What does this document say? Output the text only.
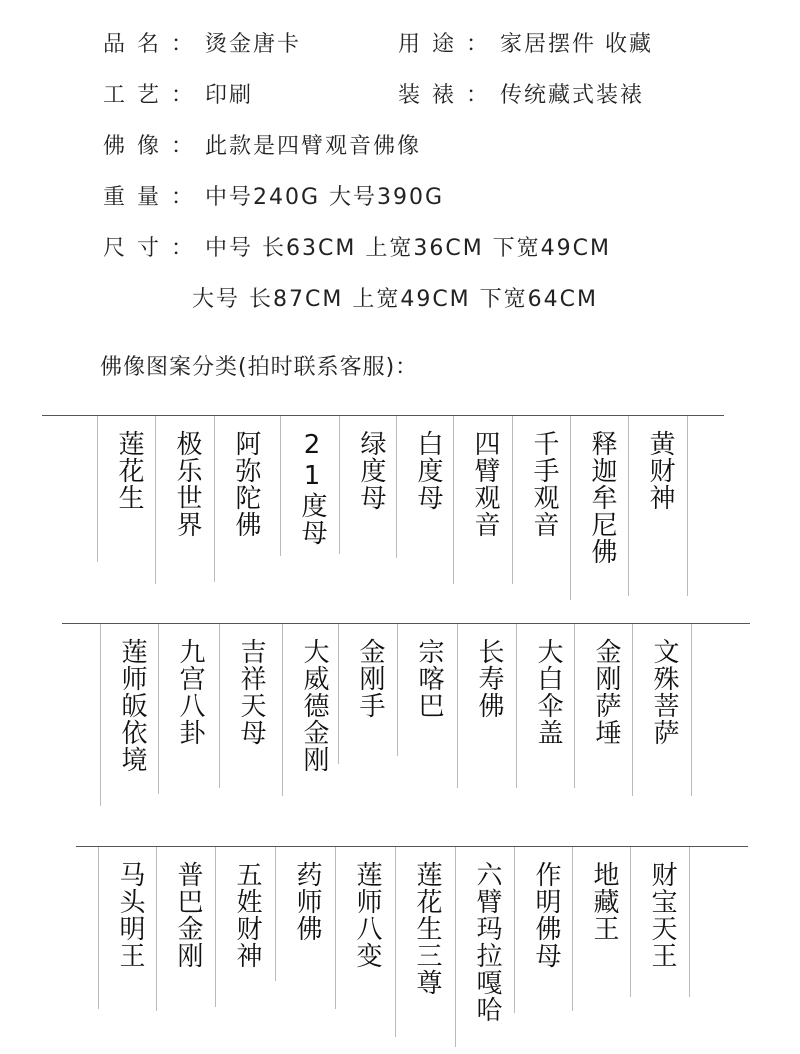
品名：烫金唐卡	用途：家居摆件 收藏
工艺：印刷	装裱：传统藏式装裱
佛像：此款是四臂观音佛像
重量：中号240G 大号390G
尺寸：中号 长63CM 上宽36CM 下宽49CM
大号 长87CM 上宽49CM 下宽64CM
佛像图案分类(拍时联系客服)：
莲花生 极乐世界 阿弥陀佛 21度母 绿度母 白度母 四臂观音 千手观音 释迦牟尼佛 黄财神
莲师皈依境 九宫八卦 吉祥天母 大威德金刚 金刚手 宗喀巴 长寿佛 大白伞盖 金刚萨埵 文殊菩萨
马头明王 普巴金刚 五姓财神 药师佛 莲师八变 莲花生三尊 六臂玛拉嘎哈 作明佛母 地藏王 财宝天王
